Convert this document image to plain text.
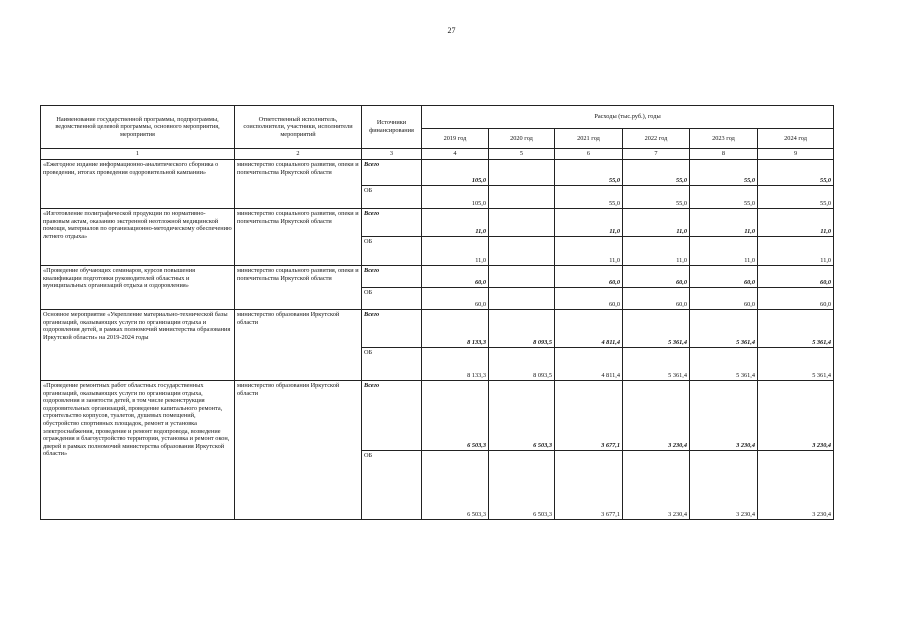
27
Наименование государственной программы, подпрограммы, ведомственной целевой программы, основного мероприятия, мероприятия	Ответственный исполнитель, соисполнители, участники, исполнители мероприятий	Источники финансирования	Расходы (тыс.руб.), годы					
			2019 год	2020 год	2021 год	2022 год	2023 год	2024 год
1	2	3	4	5	6	7	8	9
«Ежегодное издание информационно-аналитического сборника о проведении, итогах проведения оздоровительной кампании»	министерство социального развития, опеки и попечительства Иркутской области	Всего	105,0		55,0	55,0	55,0	55,0
		ОБ	105,0		55,0	55,0	55,0	55,0
«Изготовление полиграфической продукции по нормативно-правовым актам, оказанию экстренной неотложной медицинской помощи, материалов по организационно-методическому обеспечению летнего отдыха»	министерство социального развития, опеки и попечительства Иркутской области	Всего	11,0		11,0	11,0	11,0	11,0
		ОБ	11,0		11,0	11,0	11,0	11,0
«Проведение обучающих семинаров, курсов повышения квалификации подготовки руководителей областных и муниципальных организаций отдыха и оздоровления»	министерство социального развития, опеки и попечительства Иркутской области	Всего	60,0		60,0	60,0	60,0	60,0
		ОБ	60,0		60,0	60,0	60,0	60,0
Основное мероприятие «Укрепление материально-технической базы организаций, оказывающих услуги по организации отдыха и оздоровления детей, в рамках полномочий министерства образования Иркутской области» на 2019-2024 годы	министерство образования Иркутской области	Всего	8 133,3	8 093,5	4 811,4	5 361,4	5 361,4	5 361,4
		ОБ	8 133,3	8 093,5	4 811,4	5 361,4	5 361,4	5 361,4
«Проведение ремонтных работ областных государственных организаций, оказывающих услуги по организации отдыха, оздоровления и занятости детей, в том числе реконструкция оздоровительных организаций, проведение капитального ремонта, строительство корпусов, туалетов, душевых помещений, обустройство спортивных площадок, ремонт и установка электроснабжения, проведение и ремонт водопровода, возведение ограждения и благоустройство территории, установка и ремонт окон, дверей в рамках полномочий министерства образования Иркутской области»	министерство образования Иркутской области	Всего	6 503,3	6 503,3	3 677,1	3 230,4	3 230,4	3 230,4
		ОБ	6 503,3	6 503,3	3 677,1	3 230,4	3 230,4	3 230,4
